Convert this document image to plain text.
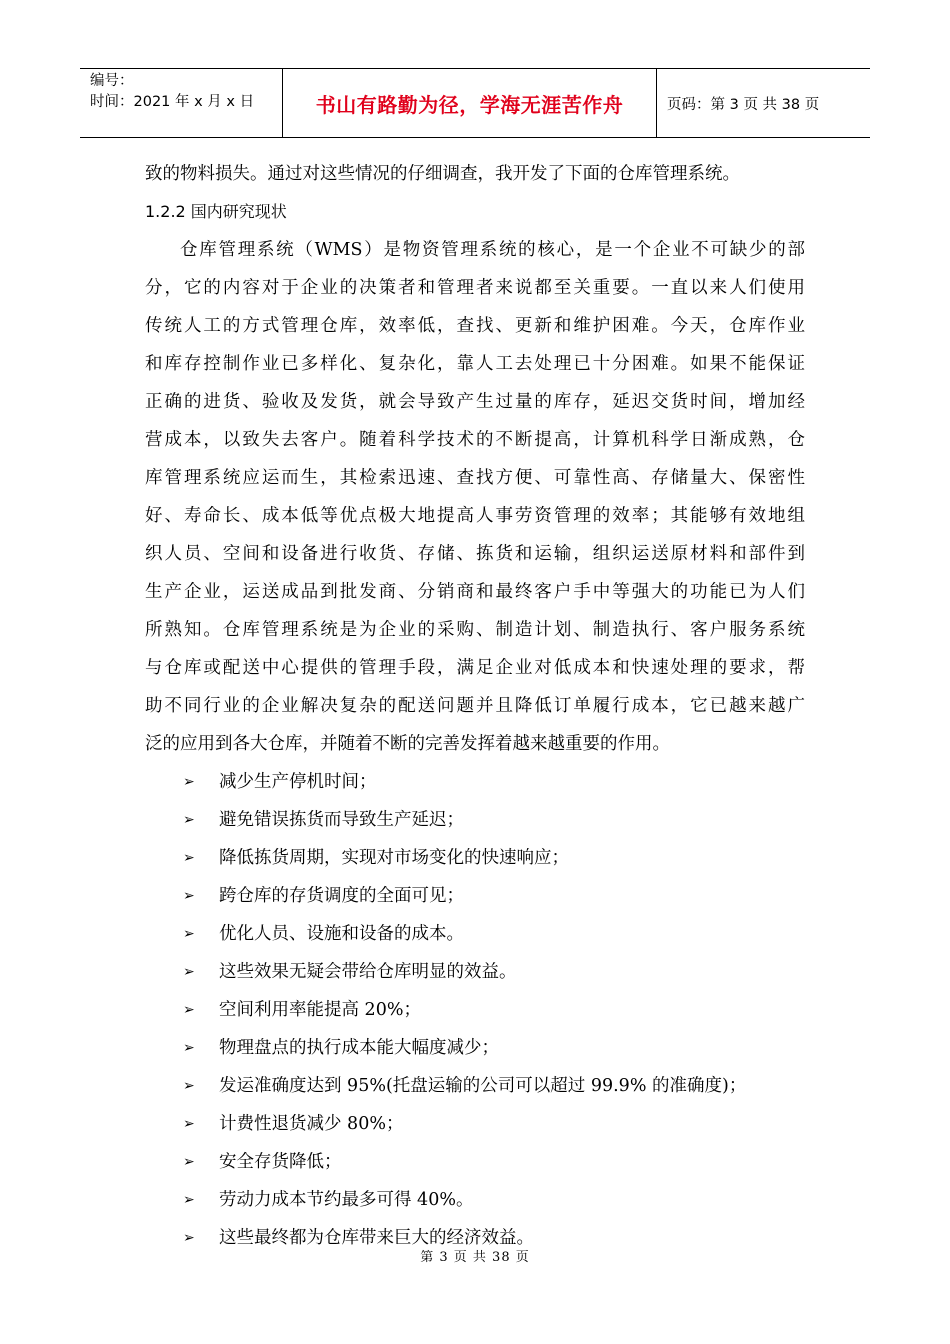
编号：
时间：2021 年 x 月 x 日	书山有路勤为径，学海无涯苦作舟	页码：第 3 页 共 38 页
致的物料损失。通过对这些情况的仔细调查，我开发了下面的仓库管理系统。
1.2.2 国内研究现状
仓库管理系统（WMS）是物资管理系统的核心，是一个企业不可缺少的部
分，它的内容对于企业的决策者和管理者来说都至关重要。一直以来人们使用
传统人工的方式管理仓库，效率低，查找、更新和维护困难。今天，仓库作业
和库存控制作业已多样化、复杂化，靠人工去处理已十分困难。如果不能保证
正确的进货、验收及发货，就会导致产生过量的库存，延迟交货时间，增加经
营成本，以致失去客户。随着科学技术的不断提高，计算机科学日渐成熟，仓
库管理系统应运而生，其检索迅速、查找方便、可靠性高、存储量大、保密性
好、寿命长、成本低等优点极大地提高人事劳资管理的效率；其能够有效地组
织人员、空间和设备进行收货、存储、拣货和运输，组织运送原材料和部件到
生产企业，运送成品到批发商、分销商和最终客户手中等强大的功能已为人们
所熟知。仓库管理系统是为企业的采购、制造计划、制造执行、客户服务系统
与仓库或配送中心提供的管理手段，满足企业对低成本和快速处理的要求，帮
助不同行业的企业解决复杂的配送问题并且降低订单履行成本，它已越来越广
泛的应用到各大仓库，并随着不断的完善发挥着越来越重要的作用。
➢	减少生产停机时间；
➢	避免错误拣货而导致生产延迟；
➢	降低拣货周期，实现对市场变化的快速响应；
➢	跨仓库的存货调度的全面可见；
➢	优化人员、设施和设备的成本。
➢	这些效果无疑会带给仓库明显的效益。
➢	空间利用率能提高 20%；
➢	物理盘点的执行成本能大幅度减少；
➢	发运准确度达到 95%(托盘运输的公司可以超过 99.9% 的准确度)；
➢	计费性退货减少 80%；
➢	安全存货降低；
➢	劳动力成本节约最多可得 40%。
➢	这些最终都为仓库带来巨大的经济效益。
第 3 页 共 38 页
